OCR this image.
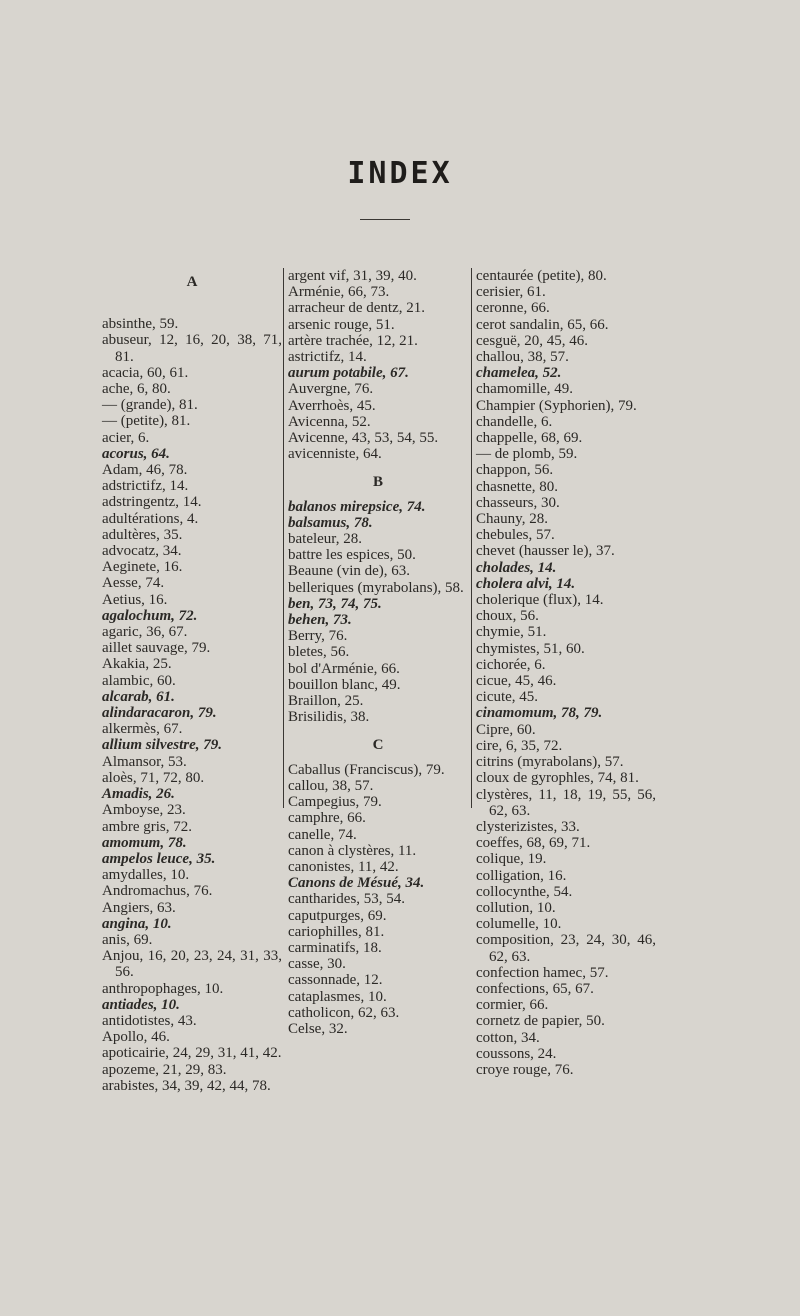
INDEX
A
absinthe, 59.
abuseur, 12, 16, 20, 38, 71, 81.
acacia, 60, 61.
ache, 6, 80.
— (grande), 81.
— (petite), 81.
acier, 6.
acorus, 64.
Adam, 46, 78.
adstrictifz, 14.
adstringentz, 14.
adultérations, 4.
adultères, 35.
advocatz, 34.
Aeginete, 16.
Aesse, 74.
Aetius, 16.
agalochum, 72.
agaric, 36, 67.
aillet sauvage, 79.
Akakia, 25.
alambic, 60.
alcarab, 61.
alindaracaron, 79.
alkermès, 67.
allium silvestre, 79.
Almansor, 53.
aloès, 71, 72, 80.
Amadis, 26.
Amboyse, 23.
ambre gris, 72.
amomum, 78.
ampelos leuce, 35.
amydalles, 10.
Andromachus, 76.
Angiers, 63.
angina, 10.
anis, 69.
Anjou, 16, 20, 23, 24, 31, 33, 56.
anthropophages, 10.
antiades, 10.
antidotistes, 43.
Apollo, 46.
apoticairie, 24, 29, 31, 41, 42.
apozeme, 21, 29, 83.
arabistes, 34, 39, 42, 44, 78.
argent vif, 31, 39, 40.
Arménie, 66, 73.
arracheur de dentz, 21.
arsenic rouge, 51.
artère trachée, 12, 21.
astrictifz, 14.
aurum potabile, 67.
Auvergne, 76.
Averrhoès, 45.
Avicenna, 52.
Avicenne, 43, 53, 54, 55.
avicenniste, 64.
B
balanos mirepsice, 74.
balsamus, 78.
bateleur, 28.
battre les espices, 50.
Beaune (vin de), 63.
belleriques (myrabolans), 58.
ben, 73, 74, 75.
behen, 73.
Berry, 76.
bletes, 56.
bol d'Arménie, 66.
bouillon blanc, 49.
Braillon, 25.
Brisilidis, 38.
C
Caballus (Franciscus), 79.
callou, 38, 57.
Campegius, 79.
camphre, 66.
canelle, 74.
canon à clystères, 11.
canonistes, 11, 42.
Canons de Mésué, 34.
cantharides, 53, 54.
caputpurges, 69.
cariophilles, 81.
carminatifs, 18.
casse, 30.
cassonnade, 12.
cataplasmes, 10.
catholicon, 62, 63.
Celse, 32.
centaurée (petite), 80.
cerisier, 61.
ceronne, 66.
cerot sandalin, 65, 66.
cesguë, 20, 45, 46.
challou, 38, 57.
chamelea, 52.
chamomille, 49.
Champier (Syphorien), 79.
chandelle, 6.
chappelle, 68, 69.
— de plomb, 59.
chappon, 56.
chasnette, 80.
chasseurs, 30.
Chauny, 28.
chebules, 57.
chevet (hausser le), 37.
cholades, 14.
cholera alvi, 14.
cholerique (flux), 14.
choux, 56.
chymie, 51.
chymistes, 51, 60.
cichorée, 6.
cicue, 45, 46.
cicute, 45.
cinamomum, 78, 79.
Cipre, 60.
cire, 6, 35, 72.
citrins (myrabolans), 57.
cloux de gyrophles, 74, 81.
clystères, 11, 18, 19, 55, 56, 62, 63.
clysterizistes, 33.
coeffes, 68, 69, 71.
colique, 19.
colligation, 16.
collocynthe, 54.
collution, 10.
columelle, 10.
composition, 23, 24, 30, 46, 62, 63.
confection hamec, 57.
confections, 65, 67.
cormier, 66.
cornetz de papier, 50.
cotton, 34.
coussons, 24.
croye rouge, 76.
